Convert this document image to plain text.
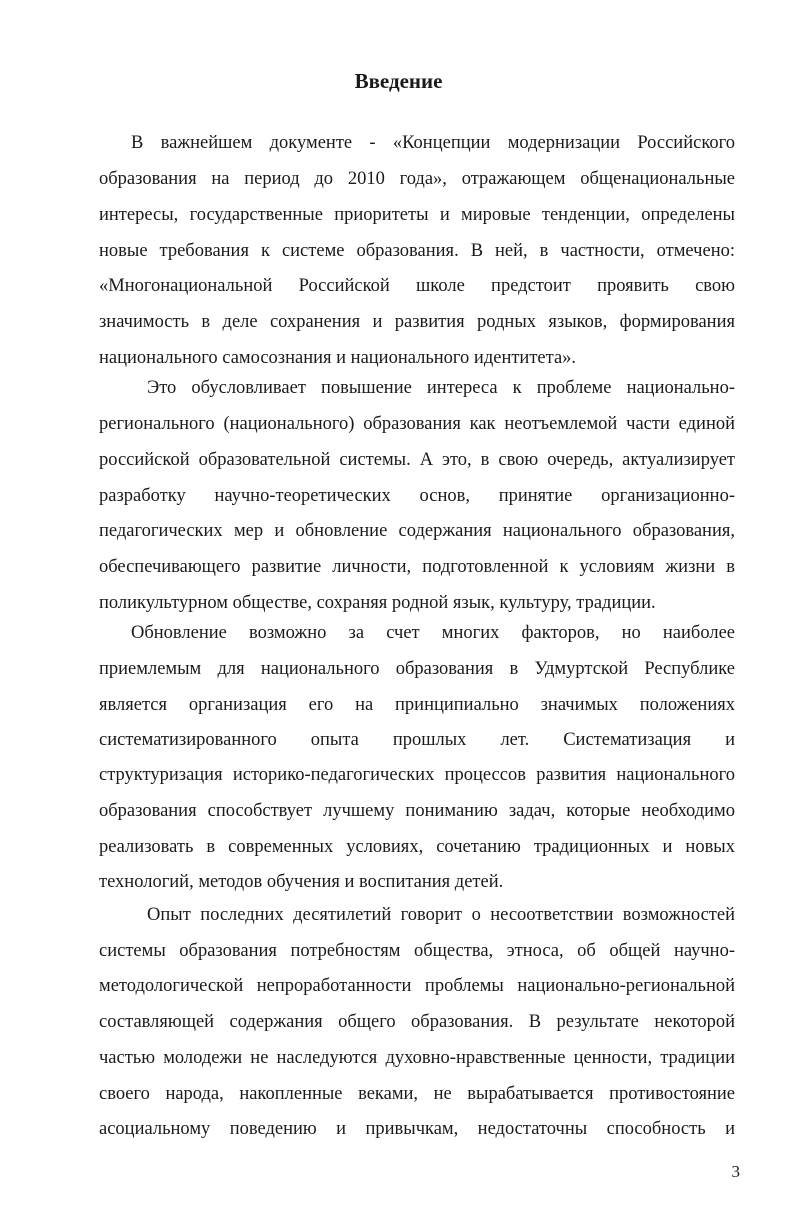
Введение
В важнейшем документе - «Концепции модернизации Российского
образования на период до 2010 года», отражающем общенациональные
интересы, государственные приоритеты и мировые тенденции, определены
новые требования к системе образования. В ней, в частности, отмечено:
«Многонациональной Российской школе предстоит проявить свою
значимость в деле сохранения и развития родных языков, формирования
национального самосознания и национального идентитета».
Это обусловливает повышение интереса к проблеме национально-
регионального (национального) образования как неотъемлемой части единой
российской образовательной системы. А это, в свою очередь, актуализирует
разработку научно-теоретических основ, принятие организационно-
педагогических мер и обновление содержания национального образования,
обеспечивающего развитие личности, подготовленной к условиям жизни в
поликультурном обществе, сохраняя родной язык, культуру, традиции.
Обновление возможно за счет многих факторов, но наиболее
приемлемым для национального образования в Удмуртской Республике
является организация его на принципиально значимых положениях
систематизированного опыта прошлых лет. Систематизация и
структуризация историко-педагогических процессов развития национального
образования способствует лучшему пониманию задач, которые необходимо
реализовать в современных условиях, сочетанию традиционных и новых
технологий, методов обучения и воспитания детей.
Опыт последних десятилетий говорит о несоответствии возможностей
системы образования потребностям общества, этноса, об общей научно-
методологической непроработанности проблемы национально-региональной
составляющей содержания общего образования. В результате некоторой
частью молодежи не наследуются духовно-нравственные ценности, традиции
своего народа, накопленные веками, не вырабатывается противостояние
асоциальному поведению и привычкам, недостаточны способность и
3
